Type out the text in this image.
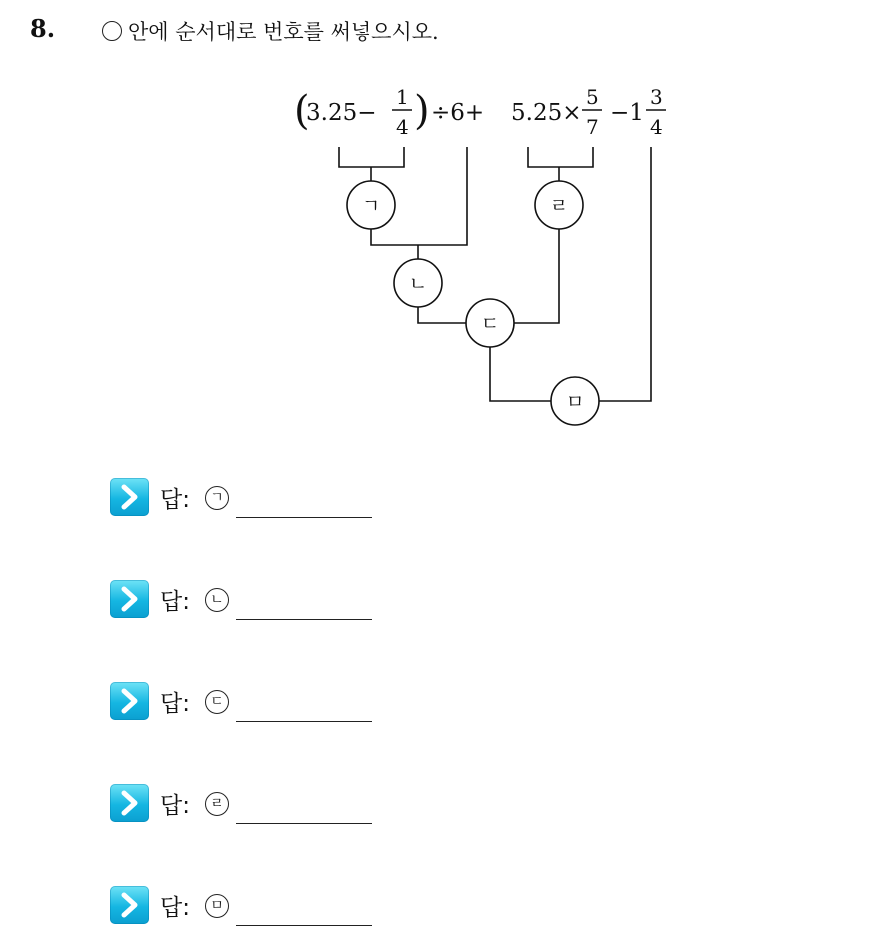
8.	안에 순서대로 번호를 써넣으시오.
(
3.25−
1
4 ) ÷6+ 5.25×
5
7
−1
3
4
ㄱ
ㄴ
ㄷ
ㄹ
ㅁ
답:	ㄱ
답:	ㄴ
답:	ㄷ
답:	ㄹ
답:	ㅁ
